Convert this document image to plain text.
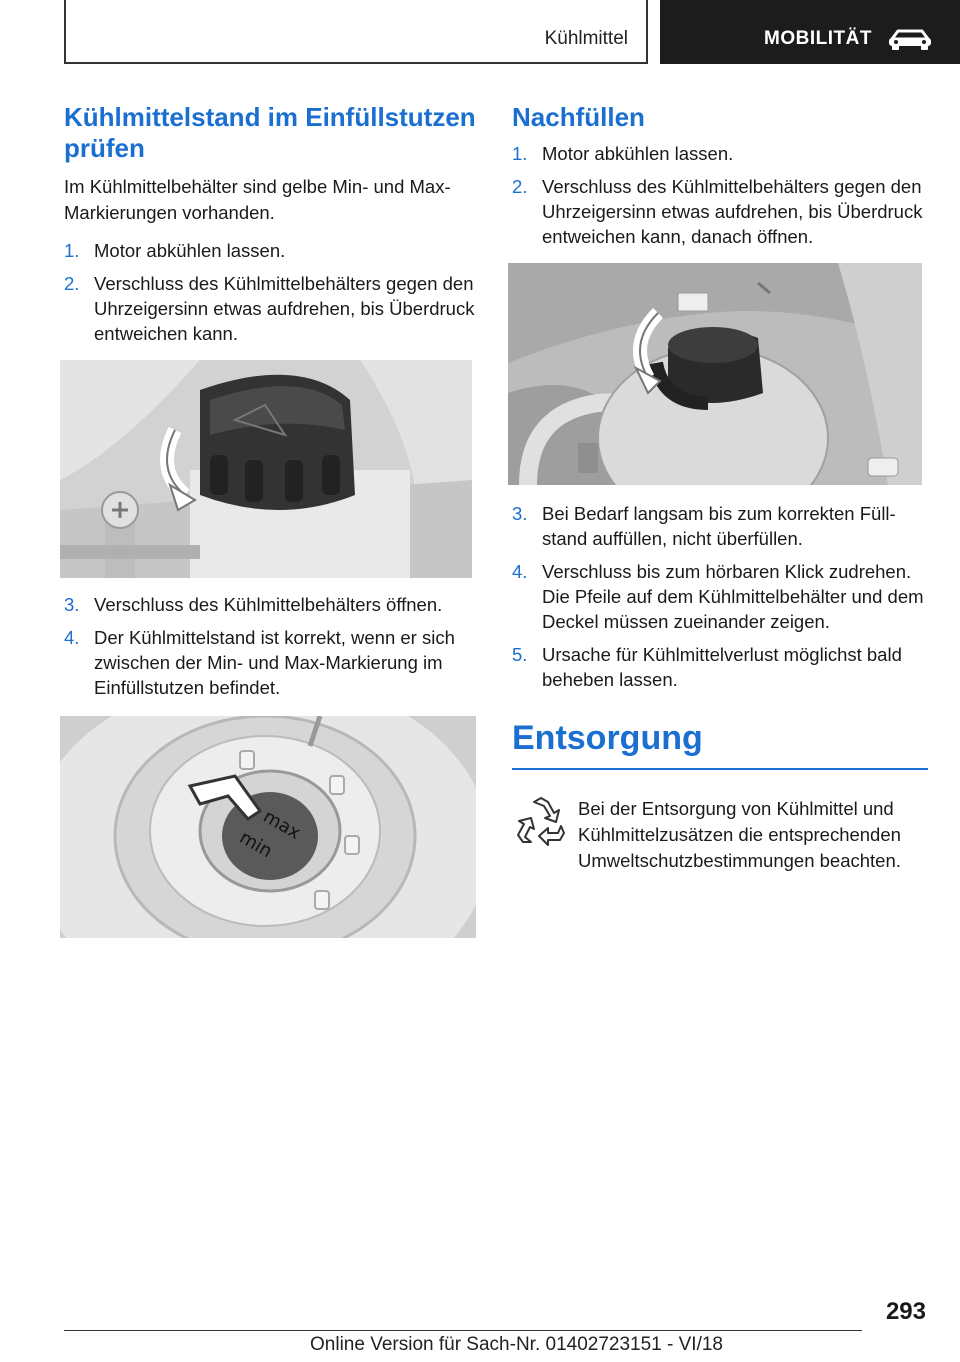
Kühlmittel	MOBILITÄT
Kühlmittelstand im Einfüllstutzen prüfen

Im Kühlmittelbehälter sind gelbe Min- und Max-Markierungen vorhanden.

1. Motor abkühlen lassen.
2. Verschluss des Kühlmittelbehälters gegen den Uhrzeigersinn etwas aufdrehen, bis Überdruck entweichen kann.
3. Verschluss des Kühlmittelbehälters öffnen.
4. Der Kühlmittelstand ist korrekt, wenn er sich zwischen der Min- und Max-Markierung im Einfüllstutzen befindet.
max
min
Nachfüllen
1. Motor abkühlen lassen.
2. Verschluss des Kühlmittelbehälters gegen den Uhrzeigersinn etwas aufdrehen, bis Überdruck entweichen kann, danach öffnen.
3. Bei Bedarf langsam bis zum korrekten Füll-stand auffüllen, nicht überfüllen.
4. Verschluss bis zum hörbaren Klick zudrehen. Die Pfeile auf dem Kühlmittelbehälter und dem Deckel müssen zueinander zeigen.
5. Ursache für Kühlmittelverlust möglichst bald beheben lassen.
Entsorgung
Bei der Entsorgung von Kühlmittel und Kühlmittelzusätzen die entsprechenden Umweltschutzbestimmungen beachten.
293
Online Version für Sach-Nr. 01402723151 - VI/18
